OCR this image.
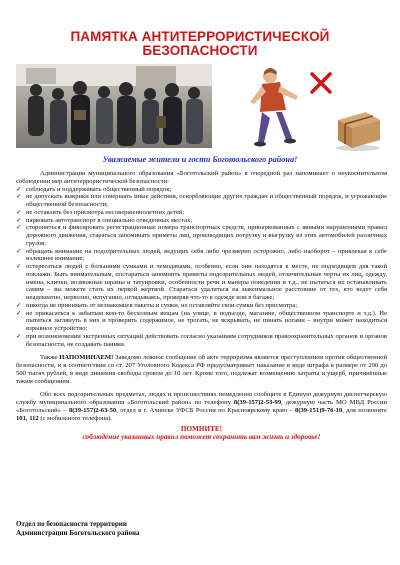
ПАМЯТКА АНТИТЕРРОРИСТИЧЕСКОЙ
БЕЗОПАСНОСТИ
Уважаемые жители и гости Боготольского района!

Администрация муниципального образования «Боготольский район» в очередной раз напоминает о неукоснительном соблюдении мер антитеррористической безопасности:

✓ соблюдать и поддерживать общественный порядок;
✓ не допускать выкрики или совершать иные действия, оскорбляющие других граждан и общественный порядок, и угрожающие общественной безопасности;
✓ не оставлять без присмотра несовершеннолетних детей;
✓ парковать автотранспорт в специально отведенных местах;
✓ сторониться и фиксировать регистрационные номера транспортных средств, припаркованных с явными нарушениями правил дорожного движения, стараться запоминать приметы лиц, производящих погрузку и выгрузку из этих автомобилей различных грузов;
✓ обращать внимание на подозрительных людей, ведущих себя либо чрезмерно осторожно, либо наоборот – привлекая к себе излишнее внимание;
✓ остерегаться людей с большими сумками и чемоданами, особенно, если они находятся в месте, не подходящем для такой поклажи. Быть внимательным, постараться запомнить приметы подозрительных людей, отличительные черты их лиц, одежду, имена, клички, возможные шрамы и татуировки, особенности речи и манеры поведения и т.д., не пытаться их останавливать самим – вы можете стать их первой жертвой. Стараться удалиться на максимальное расстояние от тех, кто ведет себя неадекватно, нервозно, испуганно, оглядываясь, проверяя что-то в одежде или в багаже;
✓ никогда не принимать от незнакомцев пакеты и сумки, не оставляйте свои сумки без присмотра;
✓ не прикасаться к забытым кем-то бесхозным вещам (на улице, в подъезде, магазине, общественном транспорте и т.д.). Не пытаться заглянуть в них и проверить содержимое, не трогать, не вскрывать, не пинать ногами – внутри может находиться взрывное устройство;
✓ при возникновении экстренных ситуаций действовать согласно указаниям сотрудников правоохранительных органов и органов безопасности, не создавать паники.

Также НАПОМИНАЕМ! Заведомо ложное сообщение об акте терроризма является преступлением против общественной безопасности, и в соответствии со ст. 207 Уголовного Кодекса РФ предусматривает наказание в виде штрафа в размере от 200 до 500 тысяч рублей, в виде лишения свободы сроком до 10 лет. Кроме того, подлежат возмещению затраты и ущерб, причинённые таким сообщением.

Обо всех подозрительных предметах, людях и происшествиях немедленно сообщите в Единую дежурную диспетчерскую службу муниципального образования «Боготольский район» по телефону 8(39-157)2-53-99, дежурную часть МО МВД России «Боготольский» – 8(39-157)2-63-50, отдел в г. Ачинске УФСБ России по Красноярскому краю – 8(39-151)9-76-10, для позвоните 101, 112 (с мобильного телефона).

ПОМНИТЕ!
соблюдение указанных правил поможет сохранить вам жизнь и здоровье!
Отдел по безопасности территории
Администрации Боготольского района
